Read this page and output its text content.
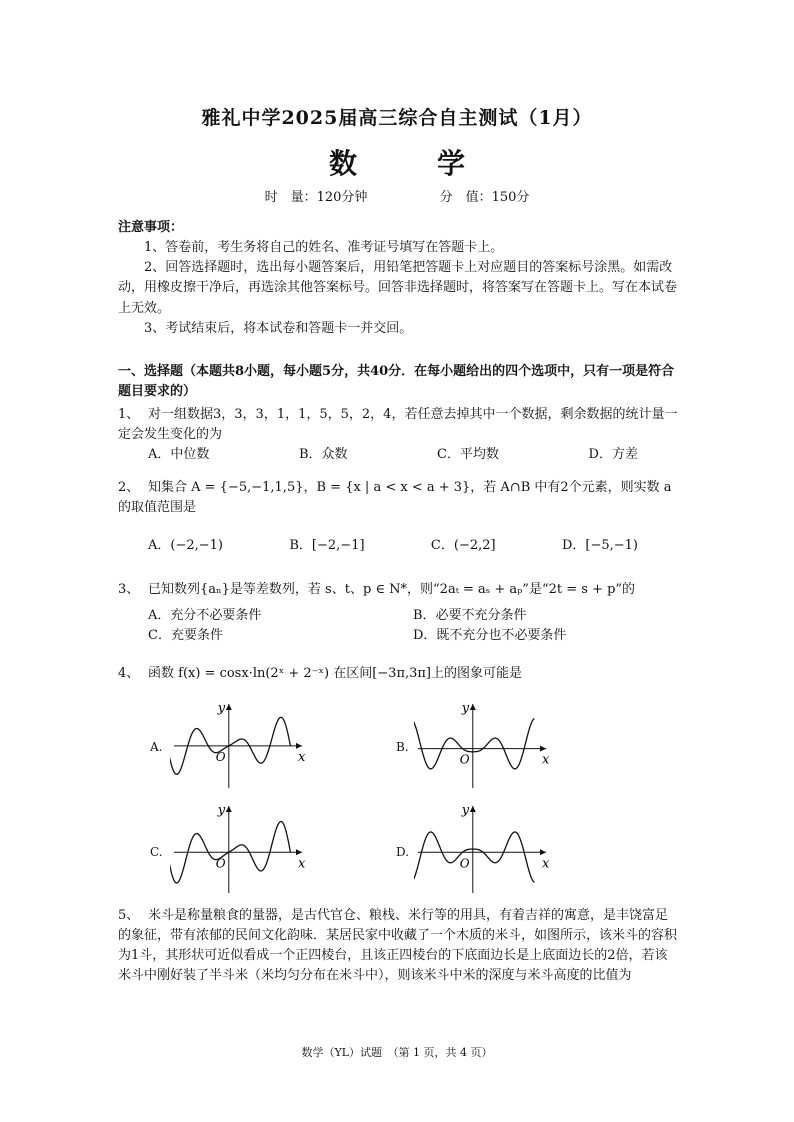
雅礼中学2025届高三综合自主测试（1月）
数　学
时　量：120分钟	分　值：150分
注意事项：

1、答卷前，考生务将自己的姓名、准考证号填写在答题卡上。

2、回答选择题时，选出每小题答案后，用铅笔把答题卡上对应题目的答案标号涂黑。如需改动，用橡皮擦干净后，再选涂其他答案标号。回答非选择题时，将答案写在答题卡上。写在本试卷上无效。

3、考试结束后，将本试卷和答题卡一并交回。

一、选择题（本题共8小题，每小题5分，共40分．在每小题给出的四个选项中，只有一项是符合题目要求的）
1、 对一组数据3，3，3，1，1，5，5，2，4，若任意去掉其中一个数据，剩余数据的统计量一定会发生变化的为
A．中位数	B．众数	C．平均数	D．方差
2、 知集合 A = {−5,−1,1,5}，B = {x | a < x < a + 3}，若 A∩B 中有2个元素，则实数 a 的取值范围是
A．(−2,−1)	B．[−2,−1]	C．(−2,2]	D．[−5,−1)
3、 已知数列{aₙ}是等差数列，若 s、t、p ∈ N*，则“2aₜ = aₛ + aₚ”是“2t = s + p”的
A．充分不必要条件	B．必要不充分条件
C．充要条件	D．既不充分也不必要条件
4、 函数 f(x) = cosx·ln(2ˣ + 2⁻ˣ) 在区间[−3π,3π]上的图象可能是
A.	B.
C.	D.
x
y
O	x
y
O
x
y
O	x
y
O
5、 米斗是称量粮食的量器，是古代官仓、粮栈、米行等的用具，有着吉祥的寓意，是丰饶富足的象征，带有浓郁的民间文化韵味．某居民家中收藏了一个木质的米斗，如图所示，该米斗的容积为1斗，其形状可近似看成一个正四棱台，且该正四棱台的下底面边长是上底面边长的2倍，若该米斗中刚好装了半斗米（米均匀分布在米斗中），则该米斗中米的深度与米斗高度的比值为
数学（YL）试题　（第 1 页，共 4 页）
